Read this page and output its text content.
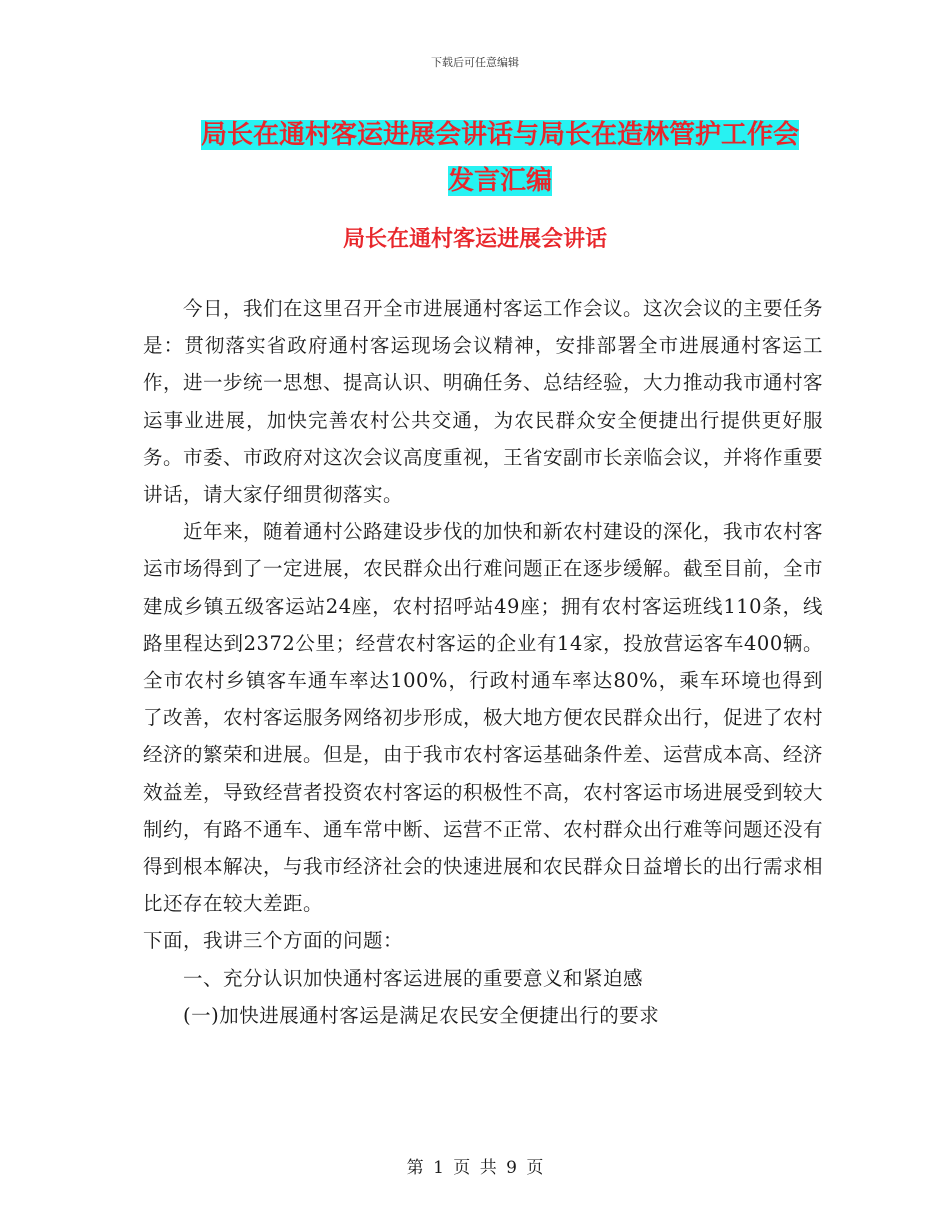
下载后可任意编辑
局长在通村客运进展会讲话与局长在造林管护工作会
发言汇编
局长在通村客运进展会讲话

今日，我们在这里召开全市进展通村客运工作会议。这次会议的主要任务是：贯彻落实省政府通村客运现场会议精神，安排部署全市进展通村客运工作，进一步统一思想、提高认识、明确任务、总结经验，大力推动我市通村客运事业进展，加快完善农村公共交通，为农民群众安全便捷出行提供更好服务。市委、市政府对这次会议高度重视，王省安副市长亲临会议，并将作重要讲话，请大家仔细贯彻落实。

近年来，随着通村公路建设步伐的加快和新农村建设的深化，我市农村客运市场得到了一定进展，农民群众出行难问题正在逐步缓解。截至目前，全市建成乡镇五级客运站24座，农村招呼站49座；拥有农村客运班线110条，线路里程达到2372公里；经营农村客运的企业有14家，投放营运客车400辆。全市农村乡镇客车通车率达100%，行政村通车率达80%，乘车环境也得到了改善，农村客运服务网络初步形成，极大地方便农民群众出行，促进了农村经济的繁荣和进展。但是，由于我市农村客运基础条件差、运营成本高、经济效益差，导致经营者投资农村客运的积极性不高，农村客运市场进展受到较大制约，有路不通车、通车常中断、运营不正常、农村群众出行难等问题还没有得到根本解决，与我市经济社会的快速进展和农民群众日益增长的出行需求相比还存在较大差距。

下面，我讲三个方面的问题：

一、充分认识加快通村客运进展的重要意义和紧迫感

(一)加快进展通村客运是满足农民安全便捷出行的要求

第 1 页 共 9 页
